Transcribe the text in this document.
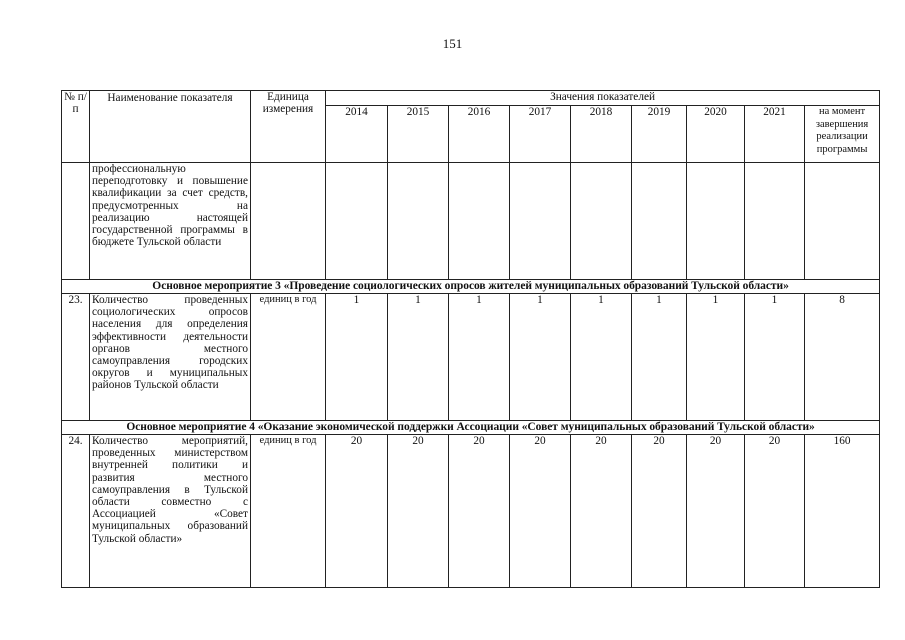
151
№ п/п	Наименование показателя	Единица измерения	Значения показателей								
			2014	2015	2016	2017	2018	2019	2020	2021	на момент завершения реализации программы
	профессиональную переподготовку и повышение квалификации за счет средств, предусмотренных на реализацию настоящей государственной программы в бюджете Тульской области										
Основное мероприятие 3 «Проведение социологических опросов жителей муниципальных образований Тульской области»											
23.	Количество проведенных социологических опросов населения для определения эффективности деятельности органов местного самоуправления городских округов и муниципальных районов Тульской области	единиц в год	1	1	1	1	1	1	1	1	8
Основное мероприятие 4 «Оказание экономической поддержки Ассоциации «Совет муниципальных образований Тульской области»											
24.	Количество мероприятий, проведенных министерством внутренней политики и развития местного самоуправления в Тульской области совместно с Ассоциацией «Совет муниципальных образований Тульской области»	единиц в год	20	20	20	20	20	20	20	20	160
